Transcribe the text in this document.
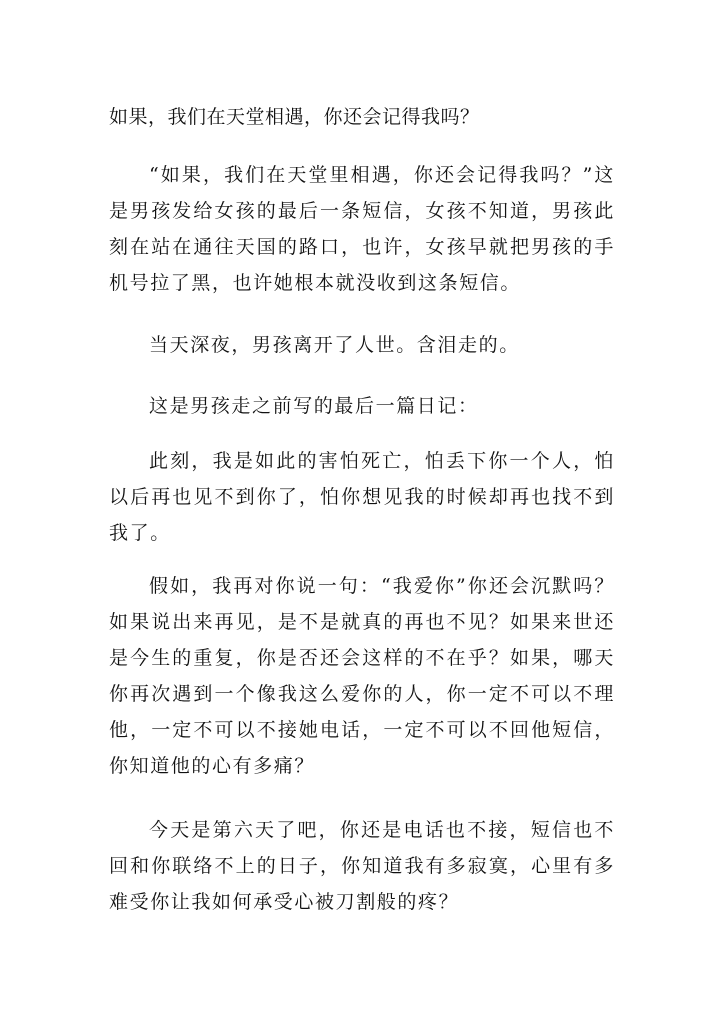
如果，我们在天堂相遇，你还会记得我吗？

“如果，我们在天堂里相遇，你还会记得我吗？”这是男孩发给女孩的最后一条短信，女孩不知道，男孩此刻在站在通往天国的路口，也许，女孩早就把男孩的手机号拉了黑，也许她根本就没收到这条短信。

当天深夜，男孩离开了人世。含泪走的。

这是男孩走之前写的最后一篇日记：

此刻，我是如此的害怕死亡，怕丢下你一个人，怕以后再也见不到你了，怕你想见我的时候却再也找不到我了。

假如，我再对你说一句：“我爱你”你还会沉默吗？如果说出来再见，是不是就真的再也不见？如果来世还是今生的重复，你是否还会这样的不在乎？如果，哪天你再次遇到一个像我这么爱你的人，你一定不可以不理他，一定不可以不接她电话，一定不可以不回他短信，你知道他的心有多痛？

今天是第六天了吧，你还是电话也不接，短信也不回和你联络不上的日子，你知道我有多寂寞，心里有多难受你让我如何承受心被刀割般的疼？
